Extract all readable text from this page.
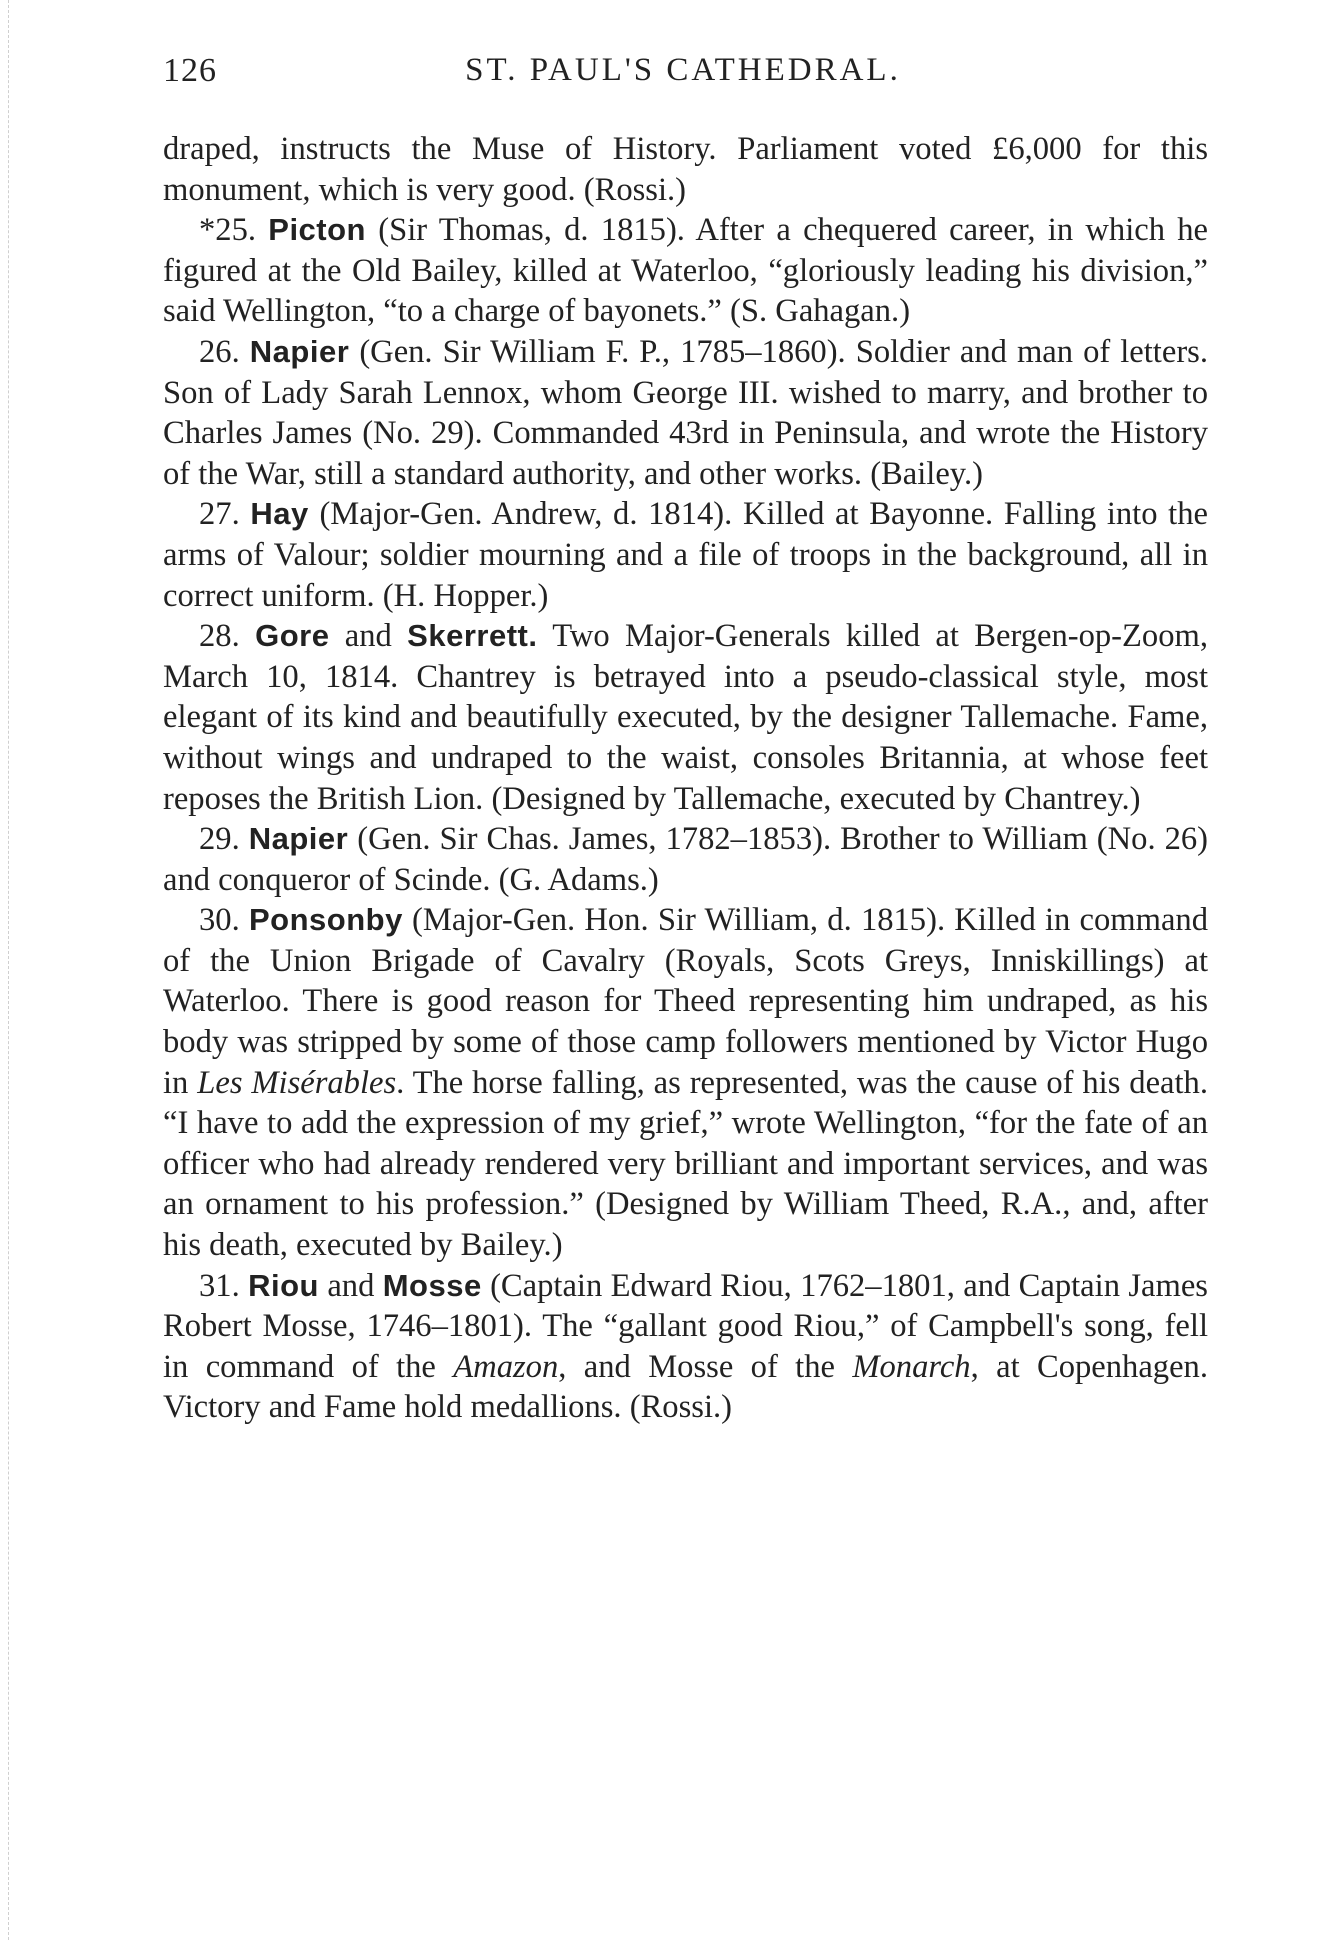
126	ST. PAUL'S CATHEDRAL.

draped, instructs the Muse of History. Parliament voted £6,000 for this monument, which is very good. (Rossi.)

*25. Picton (Sir Thomas, d. 1815). After a chequered career, in which he figured at the Old Bailey, killed at Waterloo, “gloriously leading his division,” said Wellington, “to a charge of bayonets.” (S. Gahagan.)

26. Napier (Gen. Sir William F. P., 1785–1860). Soldier and man of letters. Son of Lady Sarah Lennox, whom George III. wished to marry, and brother to Charles James (No. 29). Commanded 43rd in Peninsula, and wrote the History of the War, still a standard authority, and other works. (Bailey.)

27. Hay (Major-Gen. Andrew, d. 1814). Killed at Bayonne. Falling into the arms of Valour; soldier mourning and a file of troops in the background, all in correct uniform. (H. Hopper.)

28. Gore and Skerrett. Two Major-Generals killed at Bergen-op-Zoom, March 10, 1814. Chantrey is betrayed into a pseudo-classical style, most elegant of its kind and beautifully executed, by the designer Tallemache. Fame, without wings and undraped to the waist, consoles Britannia, at whose feet reposes the British Lion. (Designed by Tallemache, executed by Chantrey.)

29. Napier (Gen. Sir Chas. James, 1782–1853). Brother to William (No. 26) and conqueror of Scinde. (G. Adams.)

30. Ponsonby (Major-Gen. Hon. Sir William, d. 1815). Killed in command of the Union Brigade of Cavalry (Royals, Scots Greys, Inniskillings) at Waterloo. There is good reason for Theed representing him undraped, as his body was stripped by some of those camp followers mentioned by Victor Hugo in Les Misérables. The horse falling, as represented, was the cause of his death. “I have to add the expression of my grief,” wrote Wellington, “for the fate of an officer who had already rendered very brilliant and important services, and was an ornament to his profession.” (Designed by William Theed, R.A., and, after his death, executed by Bailey.)

31. Riou and Mosse (Captain Edward Riou, 1762–1801, and Captain James Robert Mosse, 1746–1801). The “gallant good Riou,” of Campbell's song, fell in command of the Amazon, and Mosse of the Monarch, at Copenhagen. Victory and Fame hold medallions. (Rossi.)
